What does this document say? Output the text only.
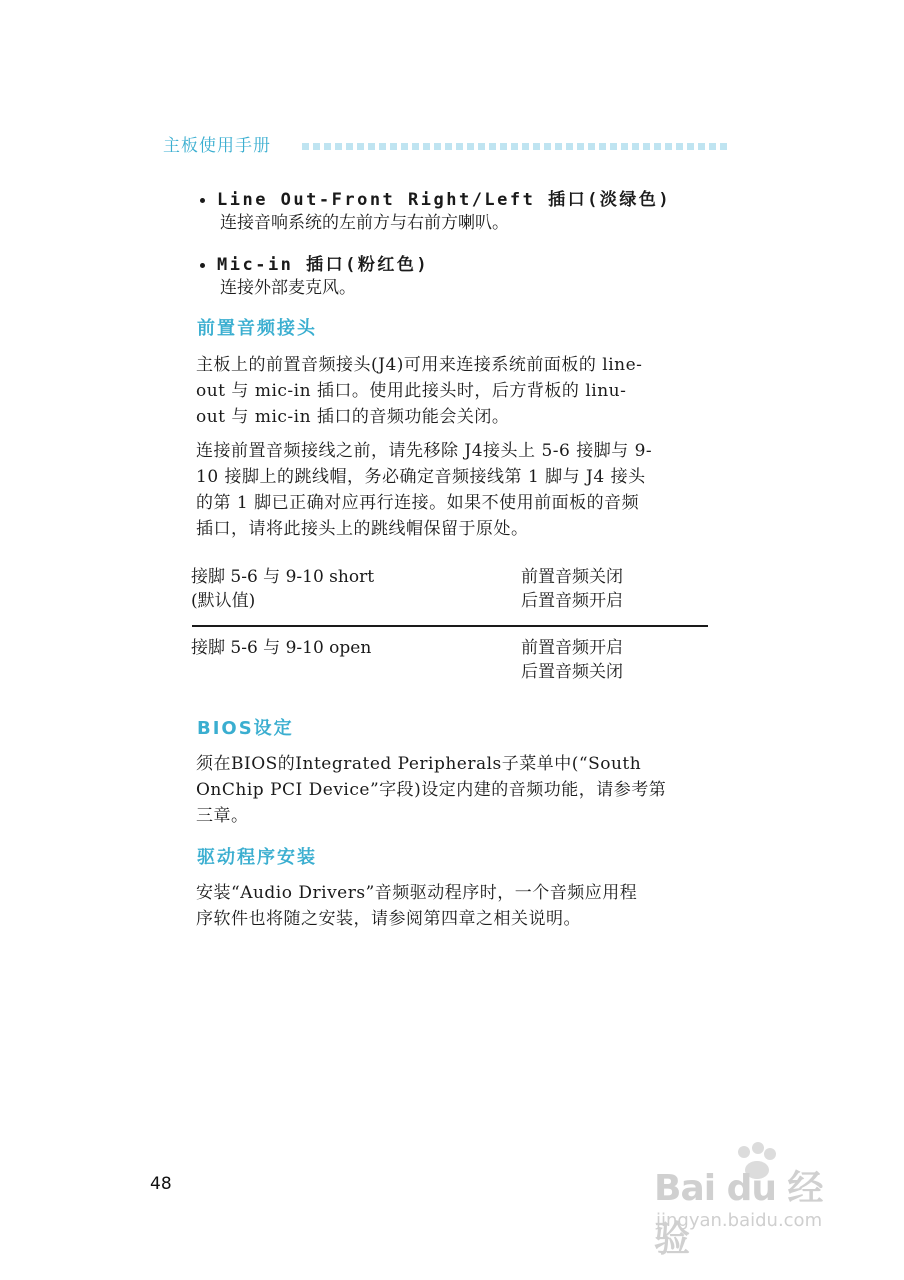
主板使用手册
Line Out-Front Right/Left 插口(淡绿色)
连接音响系统的左前方与右前方喇叭。
Mic-in 插口(粉红色)
连接外部麦克风。
前置音频接头
主板上的前置音频接头(J4)可用来连接系统前面板的 line-
out 与 mic-in 插口。使用此接头时，后方背板的 linu-
out 与 mic-in 插口的音频功能会关闭。
连接前置音频接线之前，请先移除 J4接头上 5-6 接脚与 9-
10 接脚上的跳线帽，务必确定音频接线第 1 脚与 J4 接头
的第 1 脚已正确对应再行连接。如果不使用前面板的音频
插口，请将此接头上的跳线帽保留于原处。
接脚 5-6 与 9-10 short
(默认值)
前置音频关闭
后置音频开启
接脚 5-6 与 9-10 open	前置音频开启
后置音频关闭
BIOS设定
须在BIOS的Integrated Peripherals子菜单中(“South
OnChip PCI Device”字段)设定内建的音频功能，请参考第
三章。
驱动程序安装
安装“Audio Drivers”音频驱动程序时，一个音频应用程
序软件也将随之安装，请参阅第四章之相关说明。
48	Bai du 经验
jingyan.baidu.com
